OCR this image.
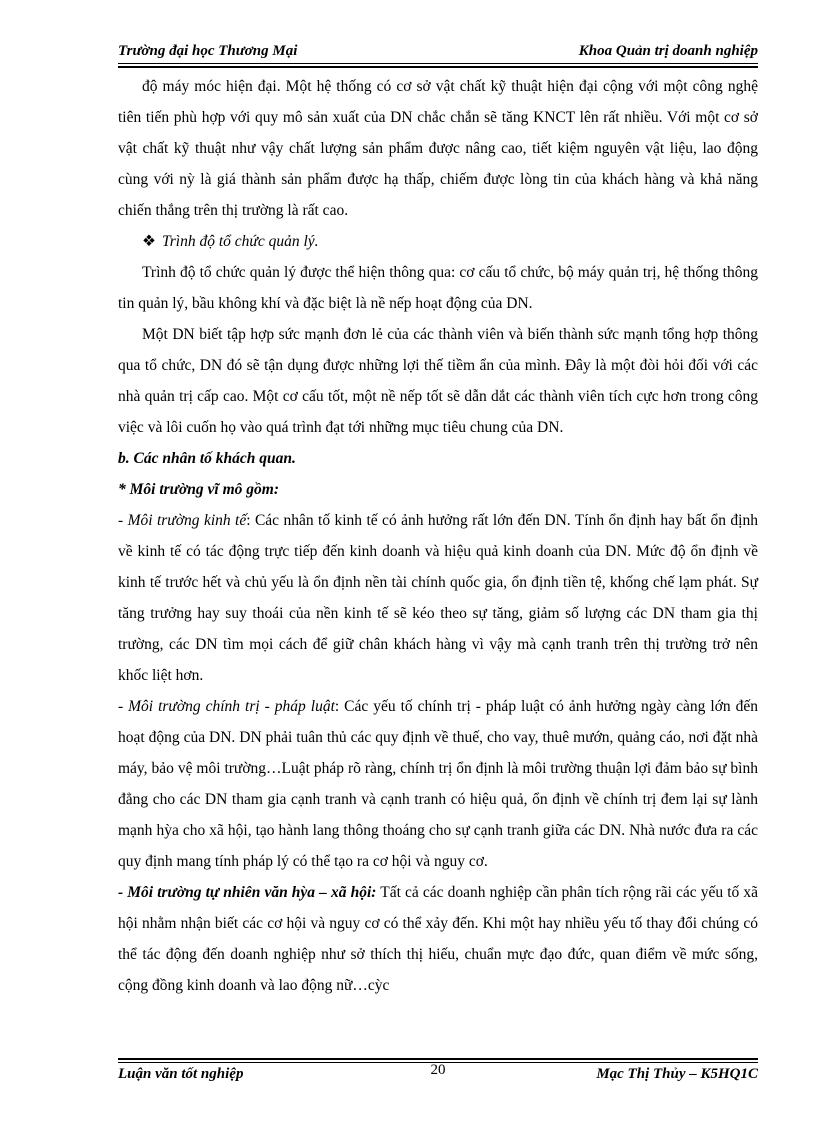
Trường đại học Thương Mại	Khoa Quản trị doanh nghiệp

độ máy móc hiện đại. Một hệ thống có cơ sở vật chất kỹ thuật hiện đại cộng với một công nghệ tiên tiến phù hợp với quy mô sản xuất của DN chắc chắn sẽ tăng KNCT lên rất nhiều. Với một cơ sở vật chất kỹ thuật như vậy chất lượng sản phẩm được nâng cao, tiết kiệm nguyên vật liệu, lao động cùng với nỳ là giá thành sản phẩm được hạ thấp, chiếm được lòng tin của khách hàng và khả năng chiến thắng trên thị trường là rất cao.

❖ Trình độ tổ chức quản lý.

Trình độ tổ chức quản lý được thể hiện thông qua: cơ cấu tổ chức, bộ máy quản trị, hệ thống thông tin quản lý, bầu không khí và đặc biệt là nề nếp hoạt động của DN.

Một DN biết tập hợp sức mạnh đơn lẻ của các thành viên và biến thành sức mạnh tổng hợp thông qua tổ chức, DN đó sẽ tận dụng được những lợi thế tiềm ẩn của mình. Đây là một đòi hỏi đối với các nhà quản trị cấp cao. Một cơ cấu tốt, một nề nếp tốt sẽ dẫn dắt các thành viên tích cực hơn trong công việc và lôi cuốn họ vào quá trình đạt tới những mục tiêu chung của DN.

b. Các nhân tố khách quan.

* Môi trường vĩ mô gồm:

- Môi trường kinh tế: Các nhân tố kinh tế có ảnh hưởng rất lớn đến DN. Tính ổn định hay bất ổn định về kinh tế có tác động trực tiếp đến kinh doanh và hiệu quả kinh doanh của DN. Mức độ ổn định về kinh tế trước hết và chủ yếu là ổn định nền tài chính quốc gia, ổn định tiền tệ, khống chế lạm phát. Sự tăng trưởng hay suy thoái của nền kinh tế sẽ kéo theo sự tăng, giảm số lượng các DN tham gia thị trường, các DN tìm mọi cách để giữ chân khách hàng vì vậy mà cạnh tranh trên thị trường trở nên khốc liệt hơn.

- Môi trường chính trị - pháp luật: Các yếu tố chính trị - pháp luật có ảnh hưởng ngày càng lớn đến hoạt động của DN. DN phải tuân thủ các quy định về thuế, cho vay, thuê mướn, quảng cáo, nơi đặt nhà máy, bảo vệ môi trường…Luật pháp rõ ràng, chính trị ổn định là môi trường thuận lợi đảm bảo sự bình đẳng cho các DN tham gia cạnh tranh và cạnh tranh có hiệu quả, ổn định về chính trị đem lại sự lành mạnh hỳa cho xã hội, tạo hành lang thông thoáng cho sự cạnh tranh giữa các DN. Nhà nước đưa ra các quy định mang tính pháp lý có thể tạo ra cơ hội và nguy cơ.

- Môi trường tự nhiên văn hỳa – xã hội: Tất cả các doanh nghiệp cần phân tích rộng rãi các yếu tố xã hội nhằm nhận biết các cơ hội và nguy cơ có thể xảy đến. Khi một hay nhiều yếu tố thay đổi chúng có thể tác động đến doanh nghiệp như sở thích thị hiếu, chuẩn mực đạo đức, quan điểm về mức sống, cộng đồng kinh doanh và lao động nữ…cỳc

Luận văn tốt nghiệp	20	Mạc Thị Thủy – K5HQ1C
